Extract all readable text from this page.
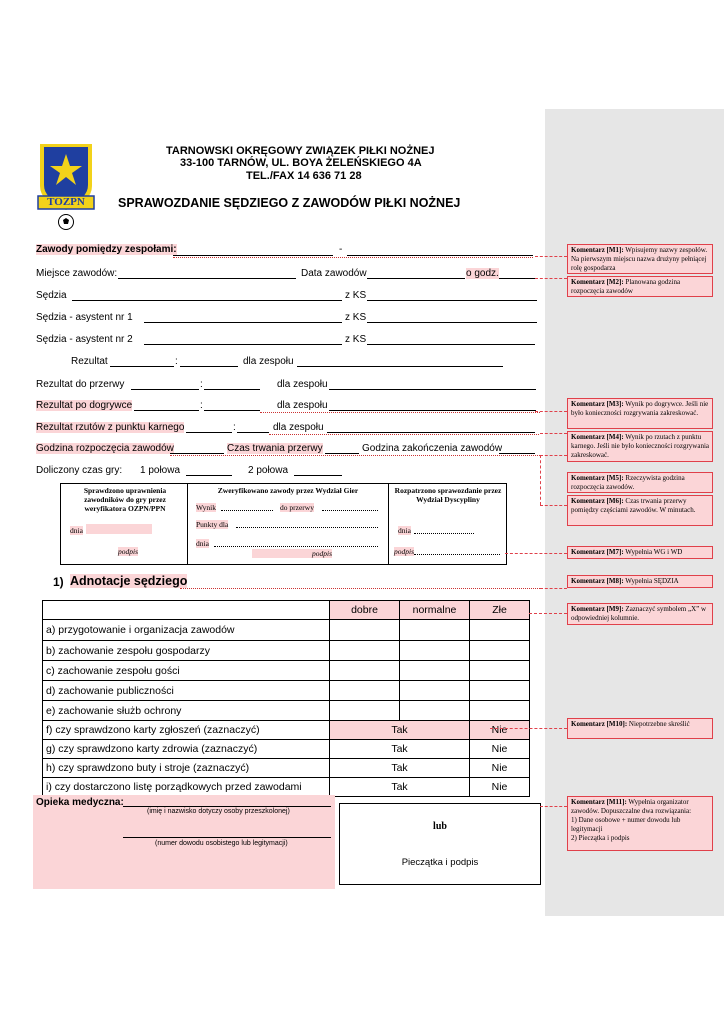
TOZPN
TARNOWSKI OKRĘGOWY ZWIĄZEK PIŁKI NOŻNEJ
33-100 TARNÓW, UL. BOYA ŻELEŃSKIEGO 4A
TEL./FAX 14 636 71 28
SPRAWOZDANIE SĘDZIEGO Z ZAWODÓW PIŁKI NOŻNEJ
Zawody pomiędzy zespołami:	-
Miejsce zawodów:	Data zawodów	o godz.
Sędzia	z KS
Sędzia - asystent nr 1	z KS
Sędzia - asystent nr 2	z KS
Rezultat	:	dla zespołu
Rezultat do przerwy	:	dla zespołu
Rezultat po dogrywce	:	dla zespołu
Rezultat rzutów z punktu karnego	:	dla zespołu
Godzina rozpoczęcia zawodów	Czas trwania przerwy	Godzina zakończenia zawodów
Doliczony czas gry: 1 połowa	2 połowa
Sprawdzono uprawnienia zawodników do gry przez weryfikatora OZPN/PPN
dnia
podpis
Zweryfikowano zawody przez Wydział Gier
Wynik	do przerwy
Punkty dla
dnia
podpis
Rozpatrzono sprawozdanie przez Wydział Dyscypliny
dnia
podpis
1) Adnotacje sędziego
	dobre	normalne	Złe
a) przygotowanie i organizacja zawodów			
b) zachowanie zespołu gospodarzy			
c) zachowanie zespołu gości			
d) zachowanie publiczności			
e) zachowanie służb ochrony			
f) czy sprawdzono karty zgłoszeń (zaznaczyć)	Tak		Nie
g) czy sprawdzono karty zdrowia (zaznaczyć)	Tak		Nie
h) czy sprawdzono buty i stroje (zaznaczyć)	Tak		Nie
i) czy dostarczono listę porządkowych przed zawodami	Tak		Nie
Opieka medyczna:
(imię i nazwisko dotyczy osoby przeszkolonej)
(numer dowodu osobistego lub legitymacji)
lub
Pieczątka i podpis
Komentarz [M1]: Wpisujemy nazwy zespołów. Na pierwszym miejscu nazwa drużyny pełniącej rolę gospodarza
Komentarz [M2]: Planowana godzina rozpoczęcia zawodów
Komentarz [M3]: Wynik po dogrywce. Jeśli nie było konieczności rozgrywania zakreskować.
Komentarz [M4]: Wynik po rzutach z punktu karnego. Jeśli nie było konieczności rozgrywania zakreskować.
Komentarz [M5]: Rzeczywista godzina rozpoczęcia zawodów.
Komentarz [M6]: Czas trwania przerwy pomiędzy częściami zawodów. W minutach.
Komentarz [M7]: Wypełnia WG i WD
Komentarz [M8]: Wypełnia SĘDZIA
Komentarz [M9]: Zaznaczyć symbolem „X” w odpowiedniej kolumnie.
Komentarz [M10]: Niepotrzebne skreślić
Komentarz [M11]: Wypełnia organizator zawodów. Dopuszczalne dwa rozwiązania:
1) Dane osobowe + numer dowodu lub legitymacji
2) Pieczątka i podpis
